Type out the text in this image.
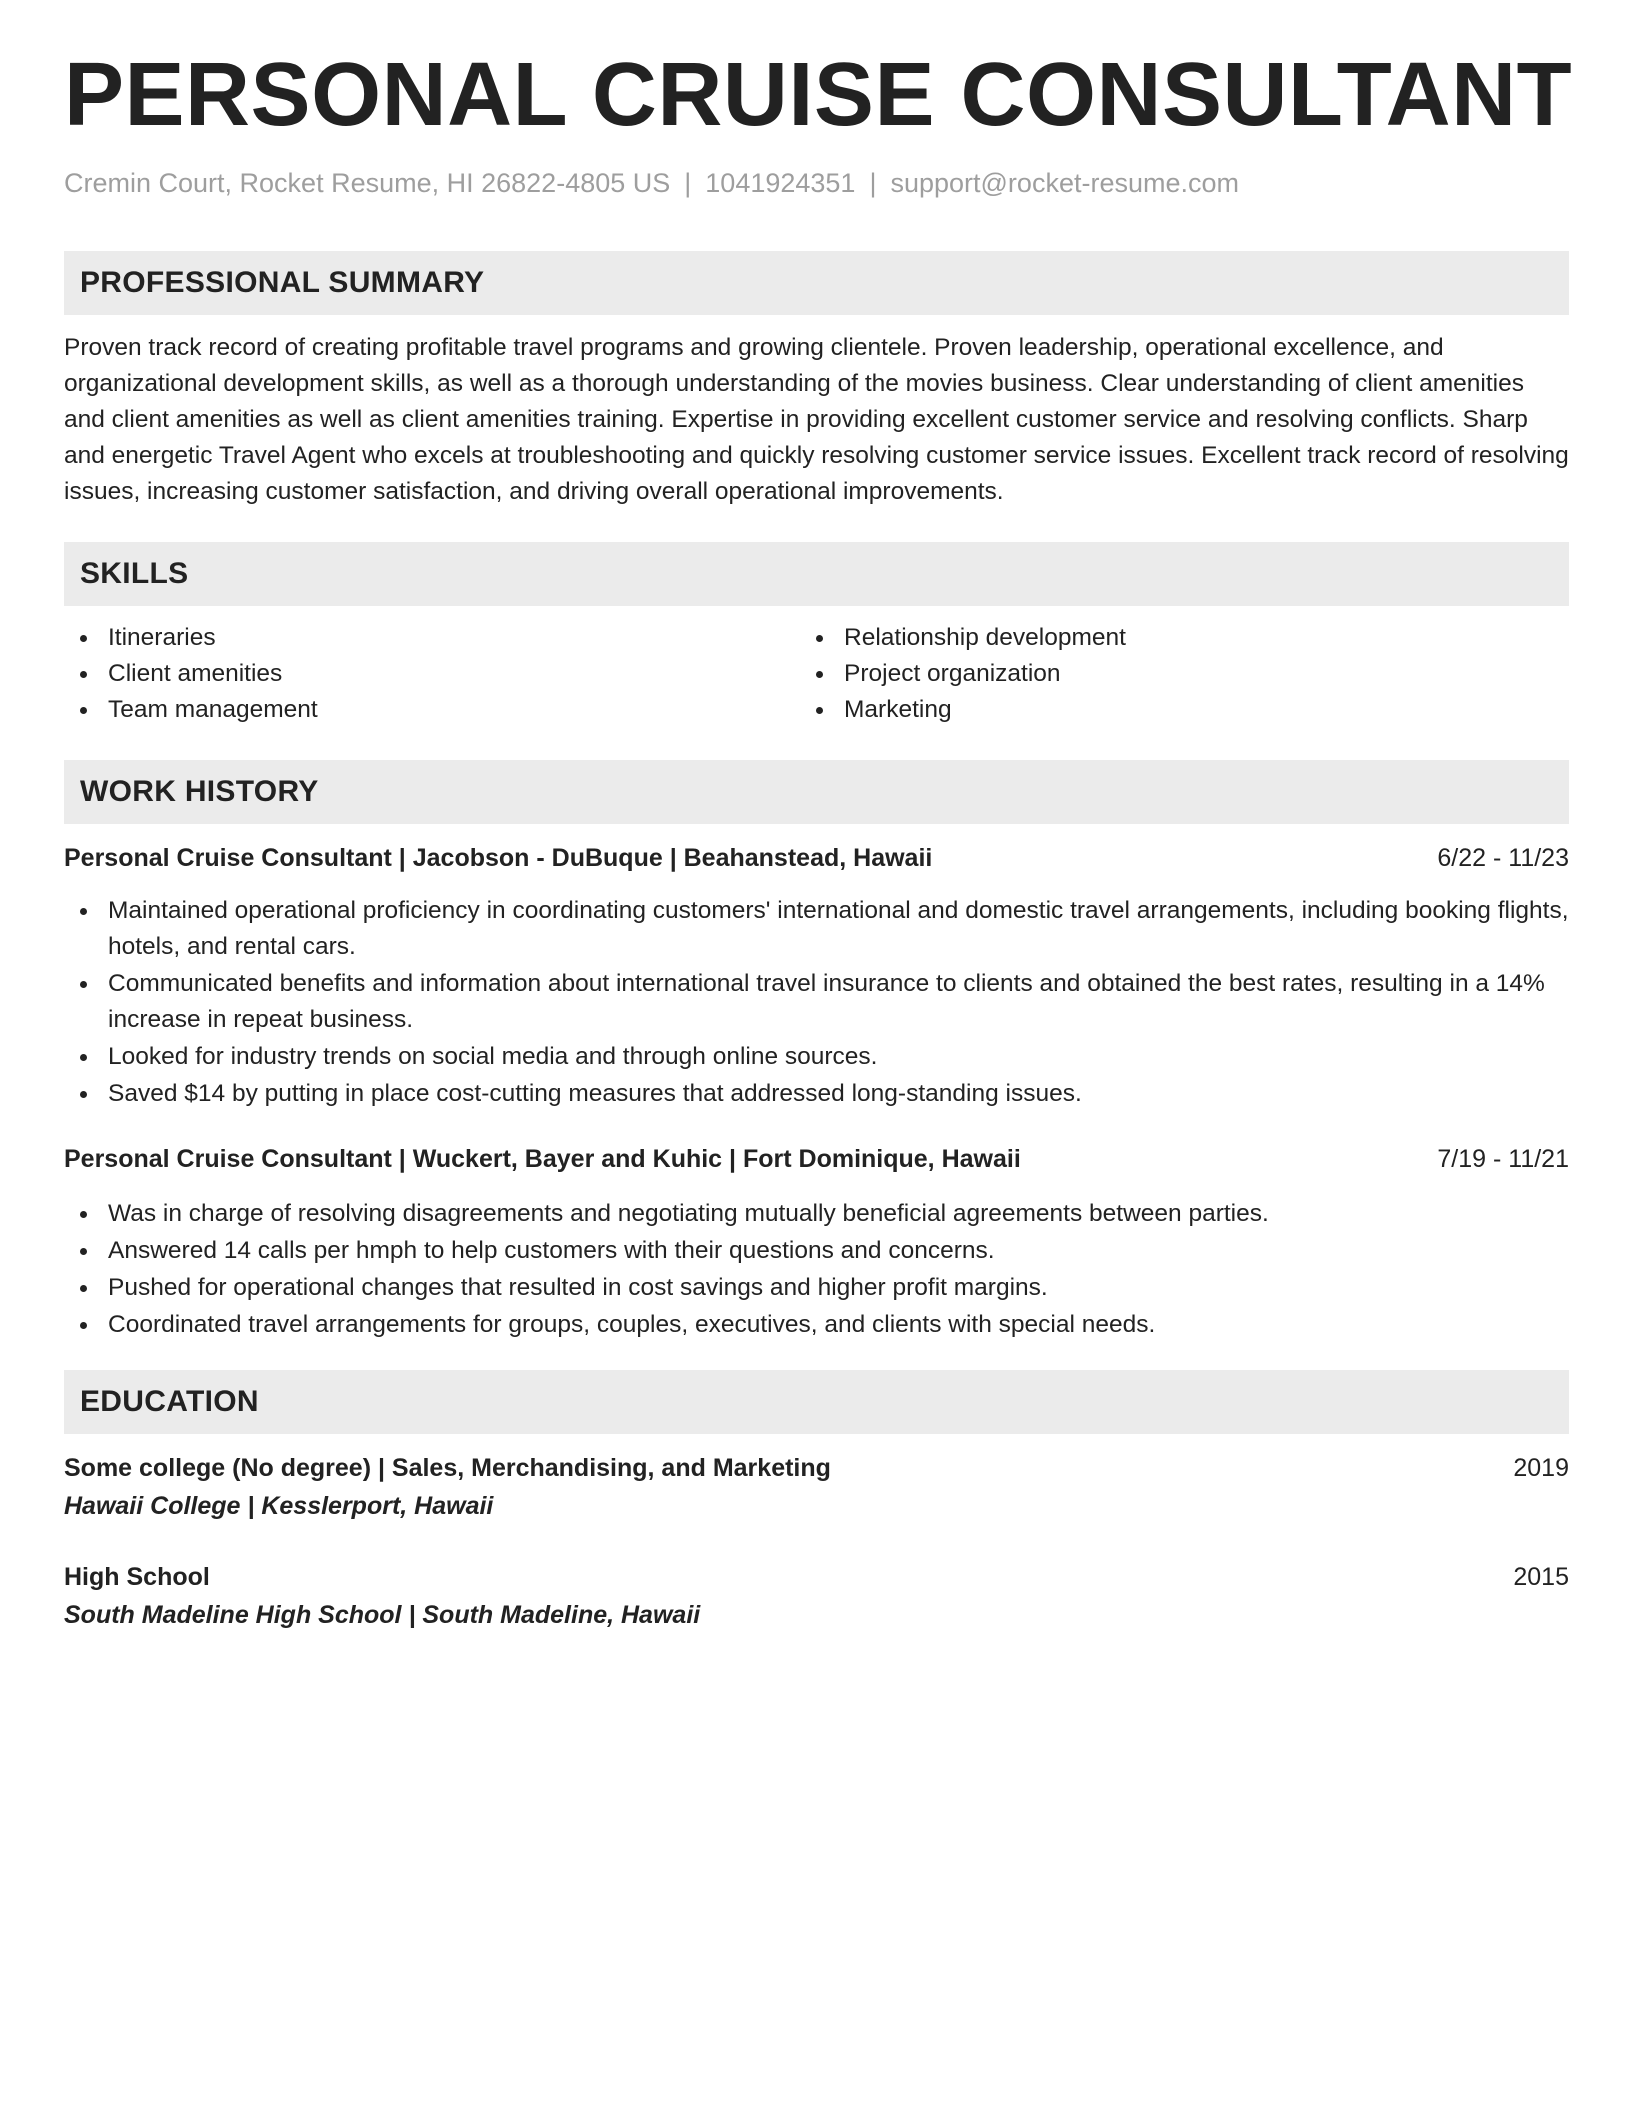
PERSONAL CRUISE CONSULTANT
Cremin Court, Rocket Resume, HI 26822-4805 US | 1041924351 | support@rocket-resume.com
PROFESSIONAL SUMMARY

Proven track record of creating profitable travel programs and growing clientele. Proven leadership, operational excellence, and organizational development skills, as well as a thorough understanding of the movies business. Clear understanding of client amenities and client amenities as well as client amenities training. Expertise in providing excellent customer service and resolving conflicts. Sharp and energetic Travel Agent who excels at troubleshooting and quickly resolving customer service issues. Excellent track record of resolving issues, increasing customer satisfaction, and driving overall operational improvements.

SKILLS
Itineraries
Client amenities
Team management
Relationship development
Project organization
Marketing
WORK HISTORY
Personal Cruise Consultant | Jacobson - DuBuque | Beahanstead, Hawaii	6/22 - 11/23
Maintained operational proficiency in coordinating customers' international and domestic travel arrangements, including booking flights, hotels, and rental cars.
Communicated benefits and information about international travel insurance to clients and obtained the best rates, resulting in a 14% increase in repeat business.
Looked for industry trends on social media and through online sources.
Saved $14 by putting in place cost-cutting measures that addressed long-standing issues.
Personal Cruise Consultant | Wuckert, Bayer and Kuhic | Fort Dominique, Hawaii	7/19 - 11/21
Was in charge of resolving disagreements and negotiating mutually beneficial agreements between parties.
Answered 14 calls per hmph to help customers with their questions and concerns.
Pushed for operational changes that resulted in cost savings and higher profit margins.
Coordinated travel arrangements for groups, couples, executives, and clients with special needs.
EDUCATION
Some college (No degree) | Sales, Merchandising, and Marketing	2019
Hawaii College | Kesslerport, Hawaii
High School	2015
South Madeline High School | South Madeline, Hawaii
